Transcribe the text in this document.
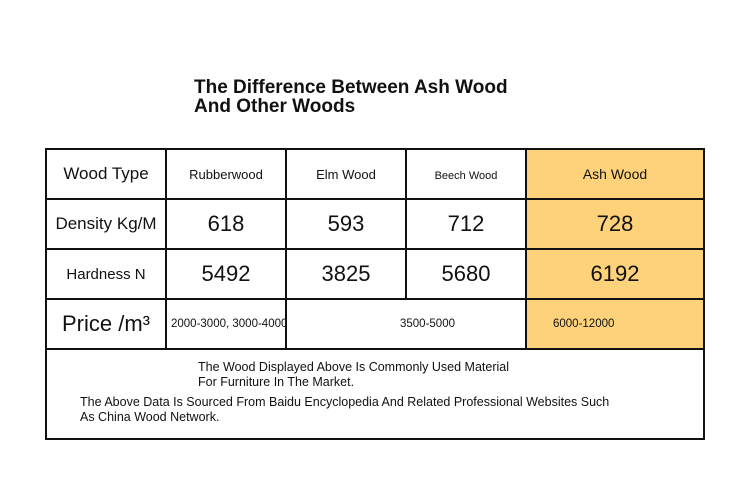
The Difference Between Ash Wood
And Other Woods
Wood Type	Rubberwood	Elm Wood	Beech Wood	Ash Wood
Density Kg/M 618	593	712	728
Hardness N	5492	3825	5680	6192
Price /m³ 2000-3000, 3000-4000	3500-5000	6000-12000
The Wood Displayed Above Is Commonly Used Material
For Furniture In The Market.
The Above Data Is Sourced From Baidu Encyclopedia And Related Professional Websites Such
As China Wood Network.
